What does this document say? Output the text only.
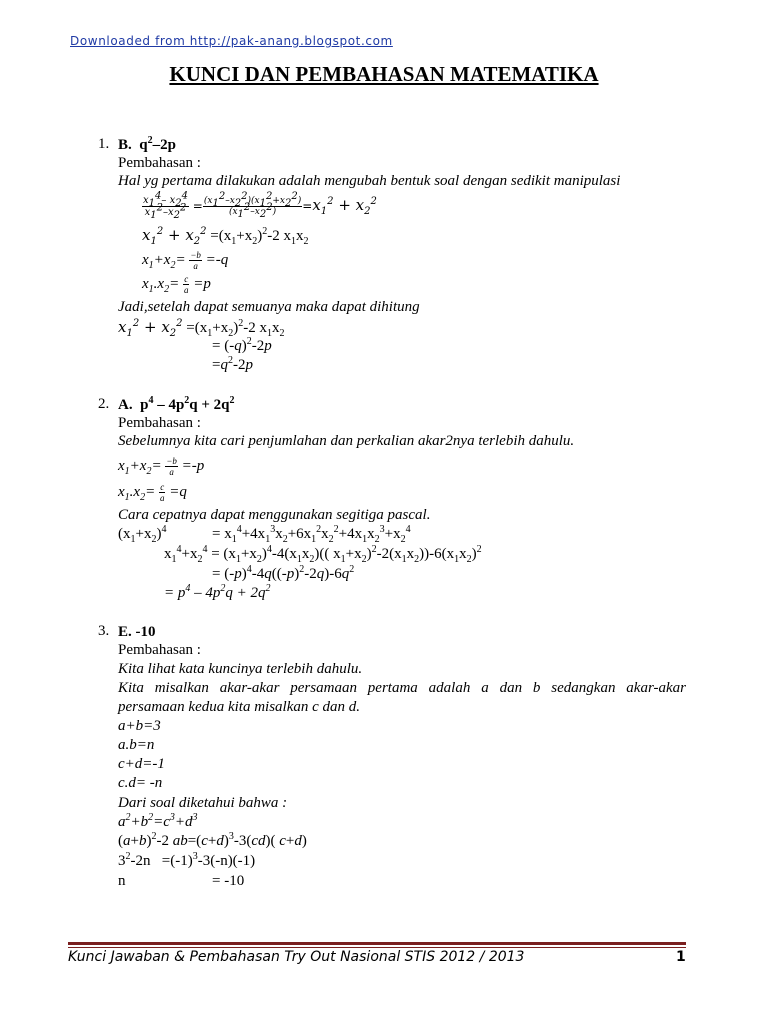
Downloaded from http://pak-anang.blogspot.com
KUNCI DAN PEMBAHASAN MATEMATIKA
1. B.  $q^2-2p$
Pembahasan :
Hal yg pertama dilakukan adalah mengubah bentuk soal dengan sedikit manipulasi
$\frac{x_1^4- x_2^4}{x_1^2-x_2^2} = \frac{(x_1^2-x_2^2)(x_1^2+x_2^2)}{(x_1^2-x_2^2)} =x_1^2 + x_2^2$
$x_1^2 + x_2^2 =(x_1+x_2)^2-2$ $x_1x_2$
$x_1+x_2= \frac{-b}{a} =-q$
$x_1.x_2= \frac{c}{a} =p$
Jadi,setelah dapat semuanya maka dapat dihitung
$x_1^2 + x_2^2 =(x_1+x_2)^2-2$ $x_1x_2$
= $(-q)^2-2p$
$=q^2-2p$
2. A.  $p^4 - 4p^2q + 2q^2$
Pembahasan :
Sebelumnya kita cari penjumlahan dan perkalian akar2nya terlebih dahulu.
$x_1+x_2= \frac{-b}{a} =-p$
$x_1.x_2= \frac{c}{a} =q$
Cara cepatnya dapat menggunakan segitiga pascal.
$(x_1+x_2)^4$	= $x_1^4+4x_1^3x_2+6x_1^2x_2^2+4x_1x_2^3+x_2^4$
$x_1^4+x_2^4 = (x_1+x_2)^4-4(x_1x_2)$(( $x_1+x_2)^2-2(x_1x_2))-6(x_1x_2)^2$
= $(-p)^4-4q((-p)^2-2q)-6q^2$
= $p^4 - 4p^2q + 2q^2$
3. E. -10
Pembahasan :
Kita lihat kata kuncinya terlebih dahulu.
Kita misalkan akar-akar persamaan pertama adalah a dan b sedangkan akar-akar
persamaan kedua kita misalkan c dan d.
a+b=3
a.b=n
c+d=-1
c.d= -n
Dari soal diketahui bahwa :
$a^2+b^2=c^3+d^3$
$(a+b)^2-2$ $ab=(c+d)^3-3(cd)$( c+d)
$3^2-2n =(-1)^3-3(-n)(-1)$
n	= -10
Kunci Jawaban & Pembahasan Try Out Nasional STIS 2012 / 2013	1
